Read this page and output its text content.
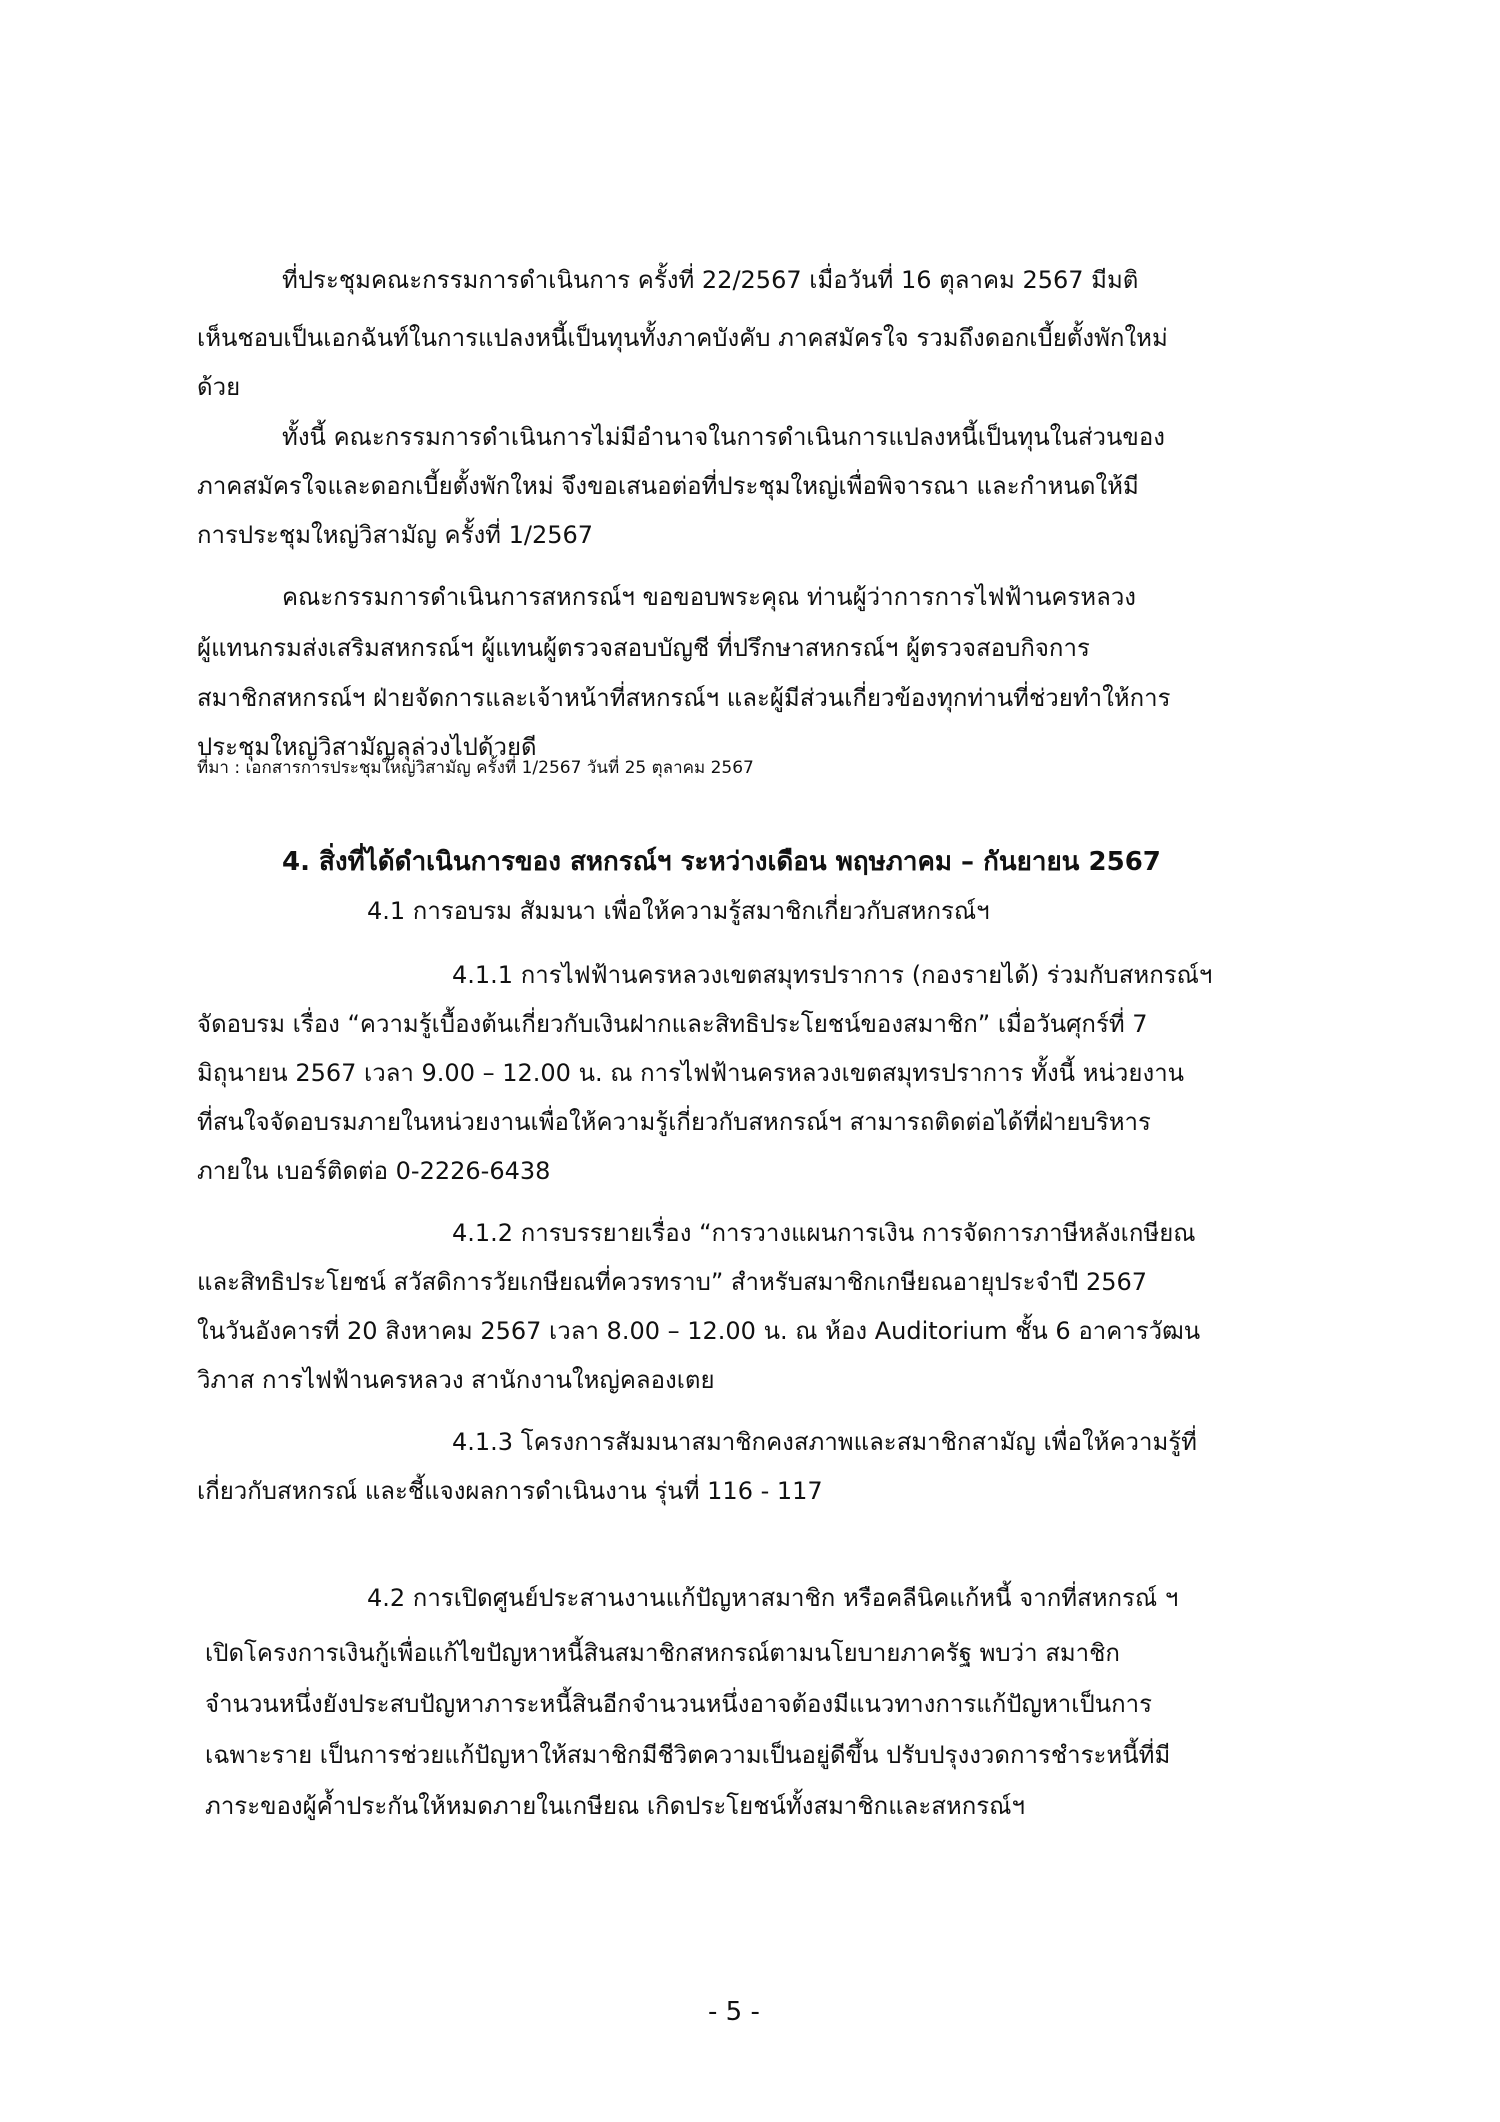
ที่ประชุมคณะกรรมการดำเนินการ ครั้งที่ 22/2567 เมื่อวันที่ 16 ตุลาคม 2567 มีมติ
เห็นชอบเป็นเอกฉันท์ในการแปลงหนี้เป็นทุนทั้งภาคบังคับ ภาคสมัครใจ รวมถึงดอกเบี้ยตั้งพักใหม่
ด้วย
ทั้งนี้ คณะกรรมการดำเนินการไม่มีอำนาจในการดำเนินการแปลงหนี้เป็นทุนในส่วนของ
ภาคสมัครใจและดอกเบี้ยตั้งพักใหม่ จึงขอเสนอต่อที่ประชุมใหญ่เพื่อพิจารณา และกำหนดให้มี
การประชุมใหญ่วิสามัญ ครั้งที่ 1/2567
คณะกรรมการดำเนินการสหกรณ์ฯ ขอขอบพระคุณ ท่านผู้ว่าการการไฟฟ้านครหลวง
ผู้แทนกรมส่งเสริมสหกรณ์ฯ ผู้แทนผู้ตรวจสอบบัญชี ที่ปรึกษาสหกรณ์ฯ ผู้ตรวจสอบกิจการ
สมาชิกสหกรณ์ฯ ฝ่ายจัดการและเจ้าหน้าที่สหกรณ์ฯ และผู้มีส่วนเกี่ยวข้องทุกท่านที่ช่วยทำให้การ
ประชุมใหญ่วิสามัญลุล่วงไปด้วยดี
ที่มา : เอกสารการประชุมใหญ่วิสามัญ ครั้งที่ 1/2567 วันที่ 25 ตุลาคม 2567
4. สิ่งที่ได้ดำเนินการของ สหกรณ์ฯ ระหว่างเดือน พฤษภาคม – กันยายน 2567
4.1 การอบรม สัมมนา เพื่อให้ความรู้สมาชิกเกี่ยวกับสหกรณ์ฯ
4.1.1 การไฟฟ้านครหลวงเขตสมุทรปราการ (กองรายได้) ร่วมกับสหกรณ์ฯ
จัดอบรม เรื่อง “ความรู้เบื้องต้นเกี่ยวกับเงินฝากและสิทธิประโยชน์ของสมาชิก” เมื่อวันศุกร์ที่ 7
มิถุนายน 2567 เวลา 9.00 – 12.00 น. ณ การไฟฟ้านครหลวงเขตสมุทรปราการ ทั้งนี้ หน่วยงาน
ที่สนใจจัดอบรมภายในหน่วยงานเพื่อให้ความรู้เกี่ยวกับสหกรณ์ฯ สามารถติดต่อได้ที่ฝ่ายบริหาร
ภายใน เบอร์ติดต่อ 0-2226-6438
4.1.2 การบรรยายเรื่อง “การวางแผนการเงิน การจัดการภาษีหลังเกษียณ
และสิทธิประโยชน์ สวัสดิการวัยเกษียณที่ควรทราบ” สำหรับสมาชิกเกษียณอายุประจำปี 2567
ในวันอังคารที่ 20 สิงหาคม 2567 เวลา 8.00 – 12.00 น. ณ ห้อง Auditorium ชั้น 6 อาคารวัฒน
วิภาส การไฟฟ้านครหลวง สานักงานใหญ่คลองเตย
4.1.3 โครงการสัมมนาสมาชิกคงสภาพและสมาชิกสามัญ เพื่อให้ความรู้ที่
เกี่ยวกับสหกรณ์ และชี้แจงผลการดำเนินงาน รุ่นที่ 116 - 117
4.2 การเปิดศูนย์ประสานงานแก้ปัญหาสมาชิก หรือคลีนิคแก้หนี้ จากที่สหกรณ์ ฯ
เปิดโครงการเงินกู้เพื่อแก้ไขปัญหาหนี้สินสมาชิกสหกรณ์ตามนโยบายภาครัฐ พบว่า สมาชิก
จำนวนหนึ่งยังประสบปัญหาภาระหนี้สินอีกจำนวนหนึ่งอาจต้องมีแนวทางการแก้ปัญหาเป็นการ
เฉพาะราย เป็นการช่วยแก้ปัญหาให้สมาชิกมีชีวิตความเป็นอยู่ดีขึ้น ปรับปรุงงวดการชำระหนี้ที่มี
ภาระของผู้ค้ำประกันให้หมดภายในเกษียณ เกิดประโยชน์ทั้งสมาชิกและสหกรณ์ฯ
- 5 -
